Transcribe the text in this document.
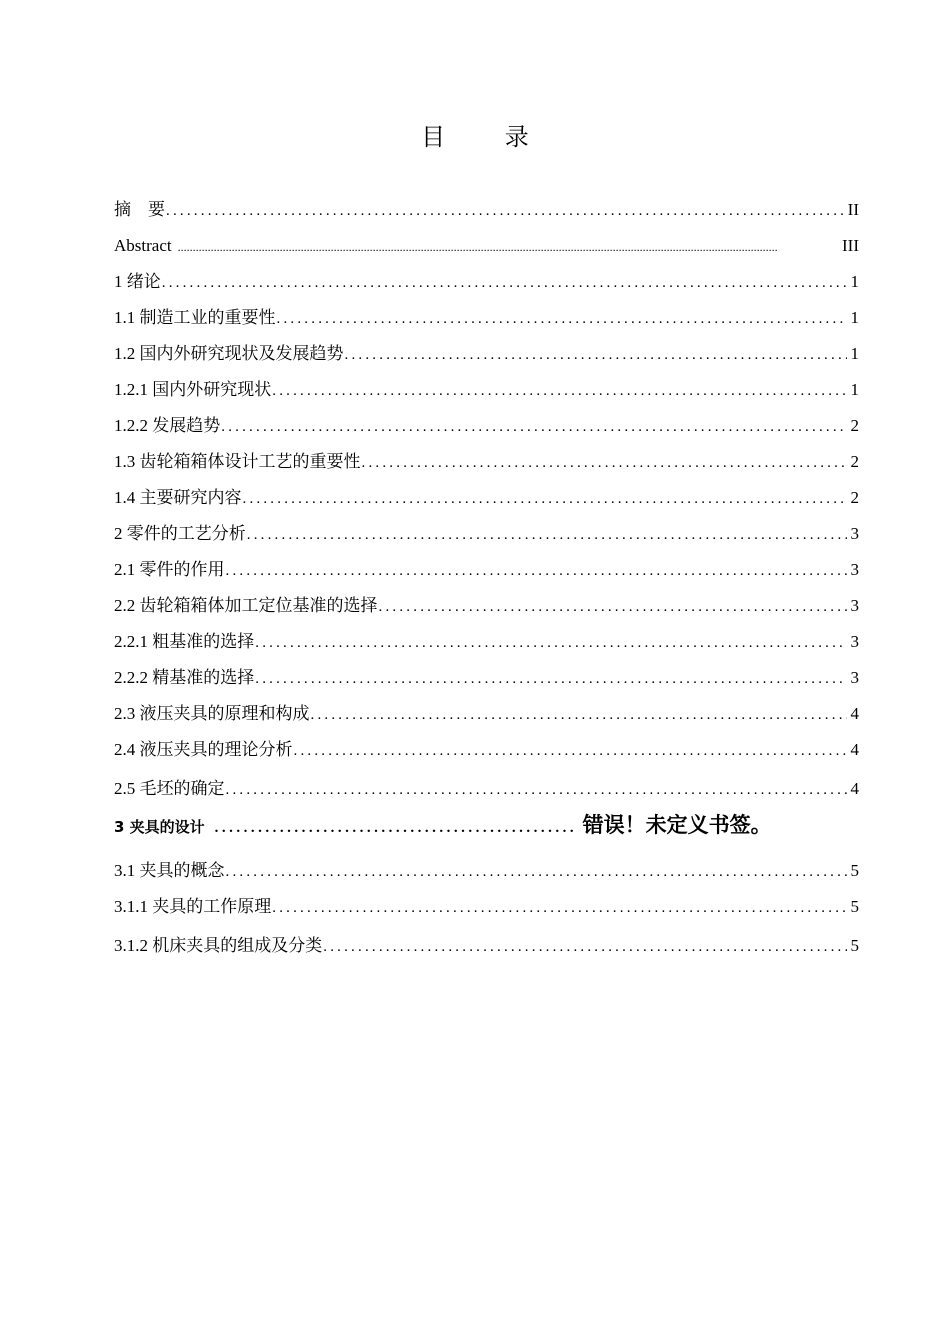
目 录
摘　要 .....	II
Abstract .....	III
1 绪论 .....	1
1.1 制造工业的重要性 .....	1
1.2 国内外研究现状及发展趋势 .....	1
1.2.1 国内外研究现状 .....	1
1.2.2 发展趋势 .....	2
1.3 齿轮箱箱体设计工艺的重要性 .....	2
1.4 主要研究内容 .....	2
2 零件的工艺分析 .....	3
2.1 零件的作用 .....	3
2.2 齿轮箱箱体加工定位基准的选择 .....	3
2.2.1 粗基准的选择 .....	3
2.2.2 精基准的选择 .....	3
2.3 液压夹具的原理和构成 .....	4
2.4 液压夹具的理论分析 .....	4
2.5 毛坯的确定 .....	4
3 夹具的设计 .....	错误！未定义书签。
3.1 夹具的概念 .....	5
3.1.1 夹具的工作原理 .....	5
3.1.2 机床夹具的组成及分类 .....	5
